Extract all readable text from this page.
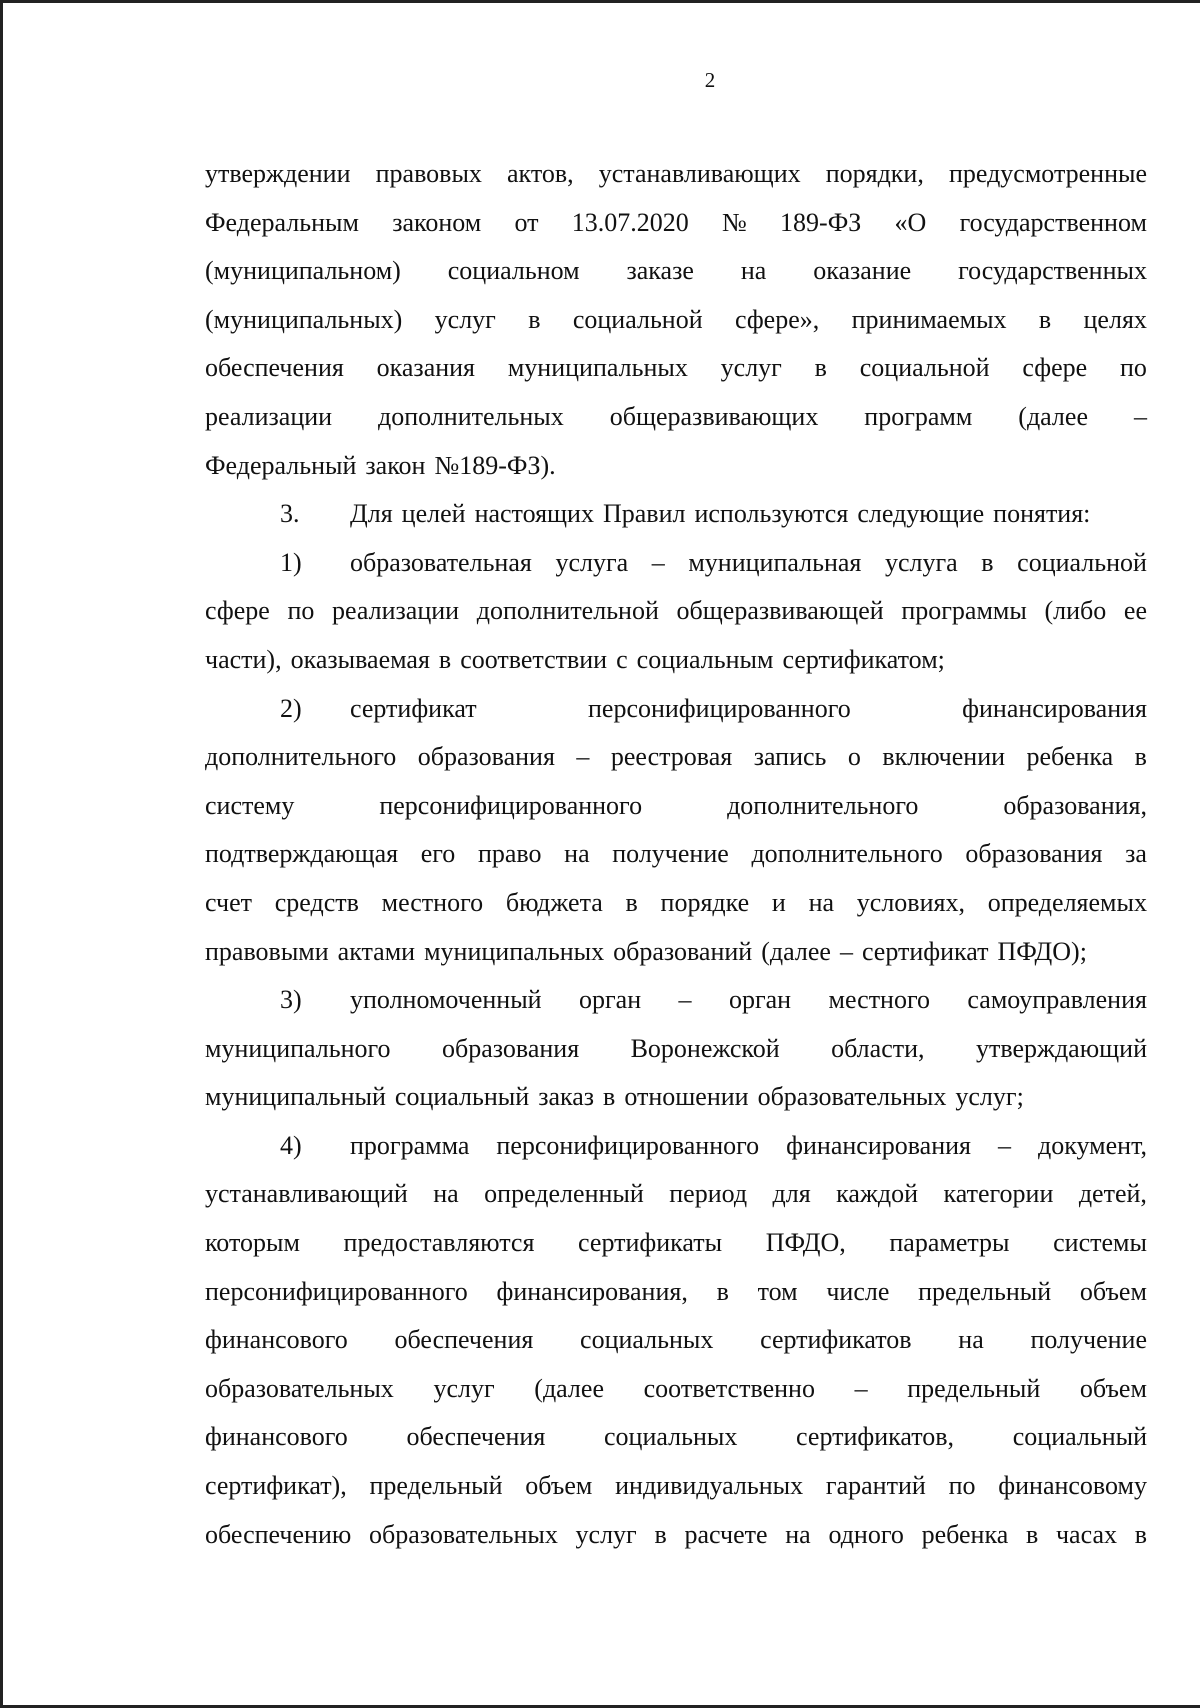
2
утверждении правовых актов, устанавливающих порядки, предусмотренные
Федеральным законом от 13.07.2020 № 189-ФЗ «О государственном
(муниципальном) социальном заказе на оказание государственных
(муниципальных) услуг в социальной сфере», принимаемых в целях
обеспечения оказания муниципальных услуг в социальной сфере по
реализации дополнительных общеразвивающих программ (далее –
Федеральный закон №189-ФЗ).
3.	Для целей настоящих Правил используются следующие понятия:
1)	образовательная услуга – муниципальная услуга в социальной
сфере по реализации дополнительной общеразвивающей программы (либо ее
части), оказываемая в соответствии с социальным сертификатом;
2)	сертификат	персонифицированного	финансирования
дополнительного образования – реестровая запись о включении ребенка в
систему	персонифицированного	дополнительного	образования,
подтверждающая его право на получение дополнительного образования за
счет средств местного бюджета в порядке и на условиях, определяемых
правовыми актами муниципальных образований (далее – сертификат ПФДО);
3)	уполномоченный орган – орган местного самоуправления
муниципального образования Воронежской области, утверждающий
муниципальный социальный заказ в отношении образовательных услуг;
4)	программа персонифицированного финансирования – документ,
устанавливающий на определенный период для каждой категории детей,
которым предоставляются сертификаты ПФДО, параметры системы
персонифицированного финансирования, в том числе предельный объем
финансового обеспечения социальных сертификатов на получение
образовательных услуг (далее соответственно – предельный объем
финансового обеспечения социальных сертификатов, социальный
сертификат), предельный объем индивидуальных гарантий по финансовому
обеспечению образовательных услуг в расчете на одного ребенка в часах в
